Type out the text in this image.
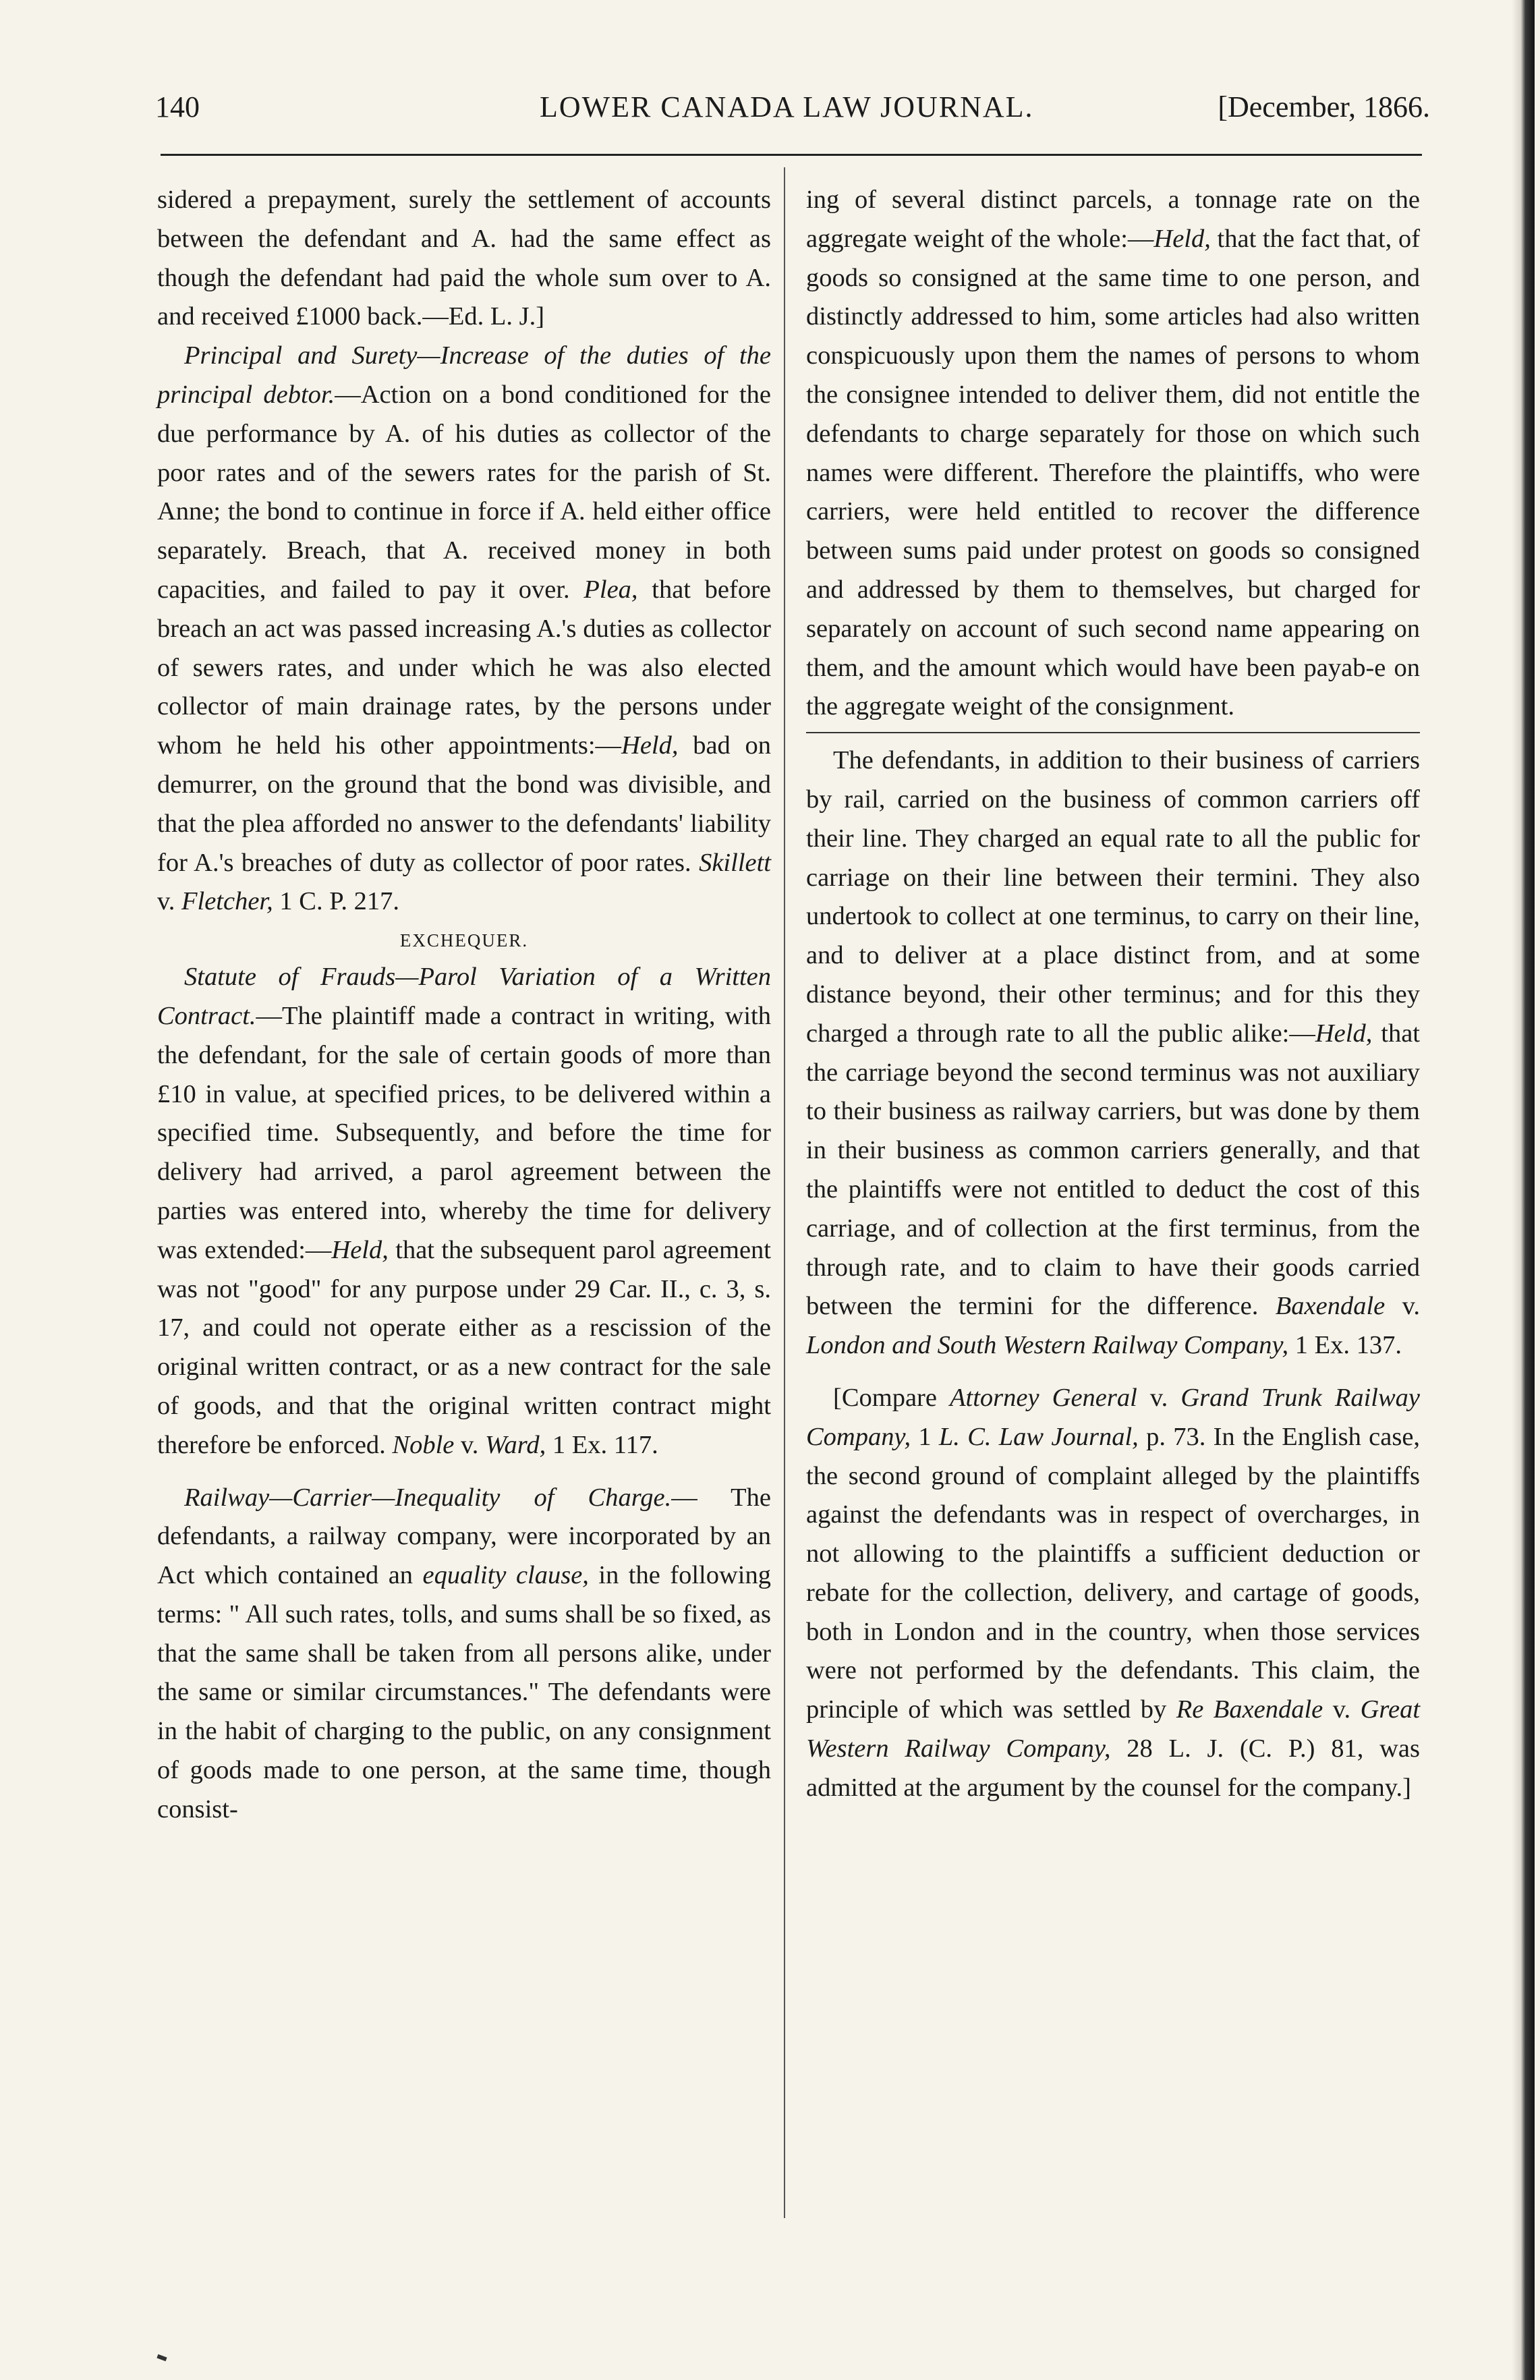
140	LOWER CANADA LAW JOURNAL.	[December, 1866.

sidered a prepayment, surely the settlement of accounts between the defendant and A. had the same effect as though the defendant had paid the whole sum over to A. and received £1000 back.—Ed. L. J.]

Principal and Surety—Increase of the duties of the principal debtor.—Action on a bond conditioned for the due performance by A. of his duties as collector of the poor rates and of the sewers rates for the parish of St. Anne; the bond to continue in force if A. held either office separately. Breach, that A. received money in both capacities, and failed to pay it over. Plea, that before breach an act was passed increasing A.'s duties as collector of sewers rates, and under which he was also elected collector of main drainage rates, by the persons under whom he held his other appointments:—Held, bad on demurrer, on the ground that the bond was divisible, and that the plea afforded no answer to the defendants' liability for A.'s breaches of duty as collector of poor rates. Skillett v. Fletcher, 1 C. P. 217.

EXCHEQUER.

Statute of Frauds—Parol Variation of a Written Contract.—The plaintiff made a contract in writing, with the defendant, for the sale of certain goods of more than £10 in value, at specified prices, to be delivered within a specified time. Subsequently, and before the time for delivery had arrived, a parol agreement between the parties was entered into, whereby the time for delivery was extended:—Held, that the subsequent parol agreement was not "good" for any purpose under 29 Car. II., c. 3, s. 17, and could not operate either as a rescission of the original written contract, or as a new contract for the sale of goods, and that the original written contract might therefore be enforced. Noble v. Ward, 1 Ex. 117.

Railway—Carrier—Inequality of Charge.— The defendants, a railway company, were incorporated by an Act which contained an equality clause, in the following terms: " All such rates, tolls, and sums shall be so fixed, as that the same shall be taken from all persons alike, under the same or similar circumstances." The defendants were in the habit of charging to the public, on any consignment of goods made to one person, at the same time, though consist-

ing of several distinct parcels, a tonnage rate on the aggregate weight of the whole:—Held, that the fact that, of goods so consigned at the same time to one person, and distinctly addressed to him, some articles had also written conspicuously upon them the names of persons to whom the consignee intended to deliver them, did not entitle the defendants to charge separately for those on which such names were different. Therefore the plaintiffs, who were carriers, were held entitled to recover the difference between sums paid under protest on goods so consigned and addressed by them to themselves, but charged for separately on account of such second name appearing on them, and the amount which would have been payab-e on the aggregate weight of the consignment.

The defendants, in addition to their business of carriers by rail, carried on the business of common carriers off their line. They charged an equal rate to all the public for carriage on their line between their termini. They also undertook to collect at one terminus, to carry on their line, and to deliver at a place distinct from, and at some distance beyond, their other terminus; and for this they charged a through rate to all the public alike:—Held, that the carriage beyond the second terminus was not auxiliary to their business as railway carriers, but was done by them in their business as common carriers generally, and that the plaintiffs were not entitled to deduct the cost of this carriage, and of collection at the first terminus, from the through rate, and to claim to have their goods carried between the termini for the difference. Baxendale v. London and South Western Railway Company, 1 Ex. 137.

[Compare Attorney General v. Grand Trunk Railway Company, 1 L. C. Law Journal, p. 73. In the English case, the second ground of complaint alleged by the plaintiffs against the defendants was in respect of overcharges, in not allowing to the plaintiffs a sufficient deduction or rebate for the collection, delivery, and cartage of goods, both in London and in the country, when those services were not performed by the defendants. This claim, the principle of which was settled by Re Baxendale v. Great Western Railway Company, 28 L. J. (C. P.) 81, was admitted at the argument by the counsel for the company.]
